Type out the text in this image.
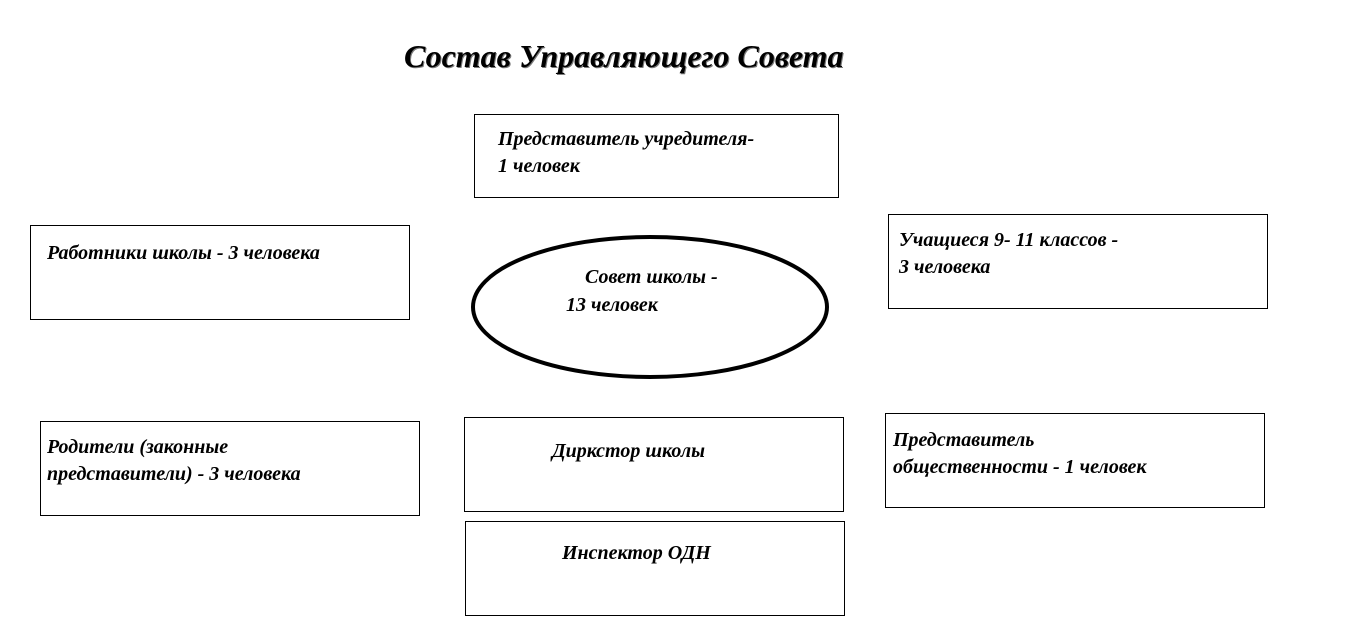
Состав Управляющего Совета
Представитель учредителя-
1 человек
Работники школы - 3 человека
Учащиеся 9- 11 классов -
3 человека
Совет школы -
13 человек
Родители (законные
представители) - 3 человека
Диркстор школы	Представитель
общественности - 1 человек
Инспектор ОДН
